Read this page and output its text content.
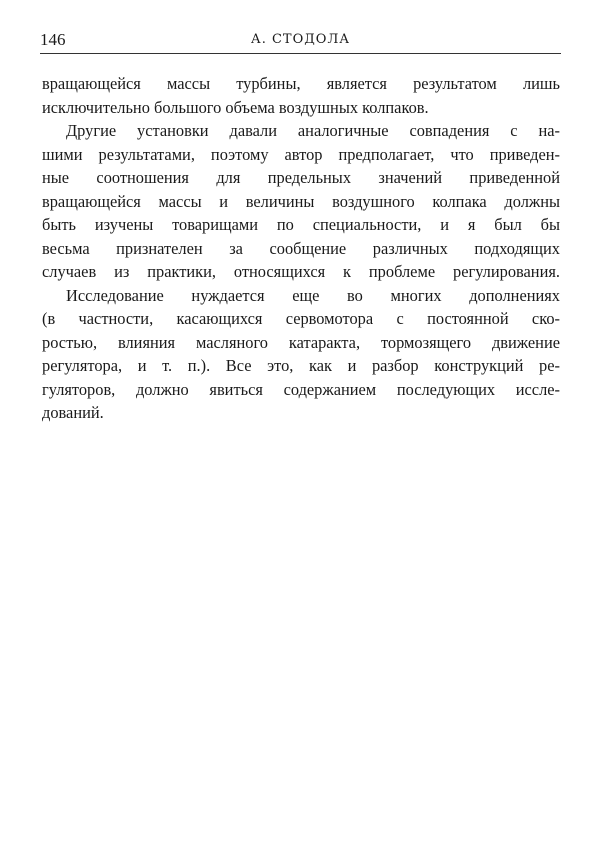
146	А. СТОДОЛА
вращающейся массы турбины, является результатом лишь
исключительно большого объема воздушных колпаков.
Другие установки давали аналогичные совпадения с на-
шими результатами, поэтому автор предполагает, что приведен-
ные соотношения для предельных значений приведенной
вращающейся массы и величины воздушного колпака должны
быть изучены товарищами по специальности, и я был бы
весьма признателен за сообщение различных подходящих
случаев из практики, относящихся к проблеме регулирования.
Исследование нуждается еще во многих дополнениях
(в частности, касающихся сервомотора с постоянной ско-
ростью, влияния масляного катаракта, тормозящего движение
регулятора, и т. п.). Все это, как и разбор конструкций ре-
гуляторов, должно явиться содержанием последующих иссле-
дований.
